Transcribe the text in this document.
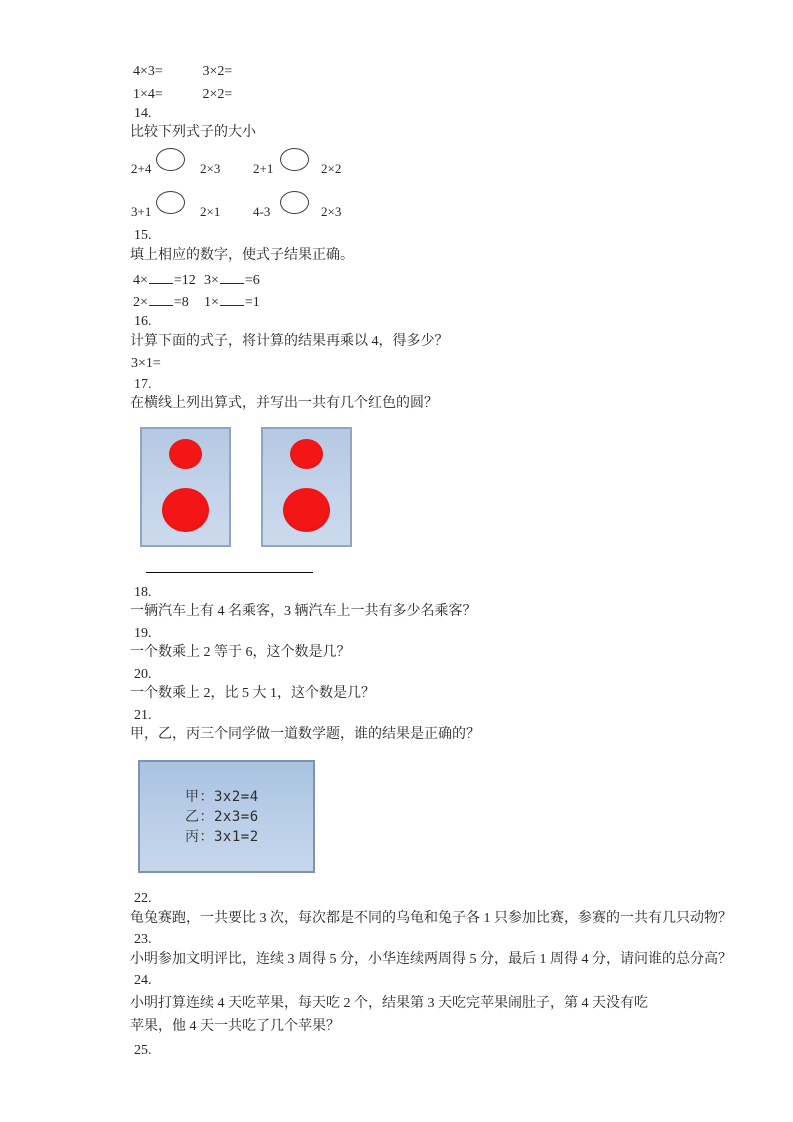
4×3=	3×2=
1×4=	2×2=
14.
比较下列式子的大小
2+4	2×3	2+1	2×2
3+1	2×1	4-3	2×3
15.
填上相应的数字，使式子结果正确。
4× =12 3× =6
2× =8 1× =1
16.
计算下面的式子，将计算的结果再乘以 4，得多少？
3×1=
17.
在横线上列出算式，并写出一共有几个红色的圆？
18.
一辆汽车上有 4 名乘客，3 辆汽车上一共有多少名乘客？
19.
一个数乘上 2 等于 6，这个数是几？
20.
一个数乘上 2，比 5 大 1，这个数是几？
21.
甲，乙，丙三个同学做一道数学题，谁的结果是正确的？
甲：3x2=4
乙：2x3=6
丙：3x1=2
22.
龟兔赛跑，一共要比 3 次，每次都是不同的乌龟和兔子各 1 只参加比赛，参赛的一共有几只动物？
23.
小明参加文明评比，连续 3 周得 5 分，小华连续两周得 5 分，最后 1 周得 4 分，请问谁的总分高？
24.
小明打算连续 4 天吃苹果，每天吃 2 个，结果第 3 天吃完苹果闹肚子，第 4 天没有吃苹果，他 4 天一共吃了几个苹果？
25.
